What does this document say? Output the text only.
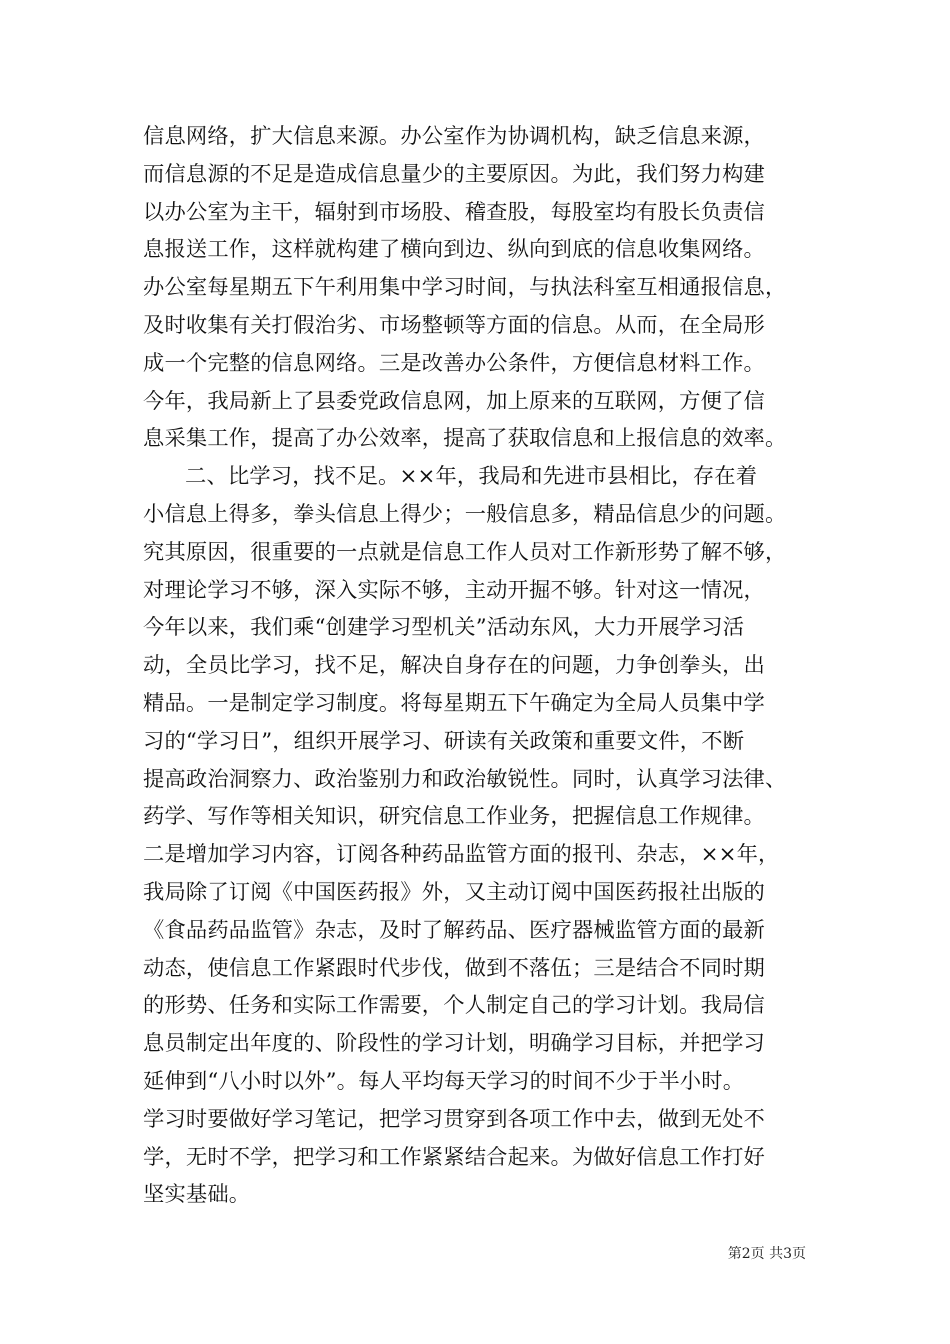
信息网络，扩大信息来源。办公室作为协调机构，缺乏信息来源，
而信息源的不足是造成信息量少的主要原因。为此，我们努力构建
以办公室为主干，辐射到市场股、稽查股，每股室均有股长负责信
息报送工作，这样就构建了横向到边、纵向到底的信息收集网络。
办公室每星期五下午利用集中学习时间，与执法科室互相通报信息，
及时收集有关打假治劣、市场整顿等方面的信息。从而，在全局形
成一个完整的信息网络。三是改善办公条件，方便信息材料工作。
今年，我局新上了县委党政信息网，加上原来的互联网，方便了信
息采集工作，提高了办公效率，提高了获取信息和上报信息的效率。
二、比学习，找不足。××年，我局和先进市县相比，存在着
小信息上得多，拳头信息上得少；一般信息多，精品信息少的问题。
究其原因，很重要的一点就是信息工作人员对工作新形势了解不够，
对理论学习不够，深入实际不够，主动开掘不够。针对这一情况，
今年以来，我们乘“创建学习型机关”活动东风，大力开展学习活
动，全员比学习，找不足，解决自身存在的问题，力争创拳头，出
精品。一是制定学习制度。将每星期五下午确定为全局人员集中学
习的“学习日”，组织开展学习、研读有关政策和重要文件，不断
提高政治洞察力、政治鉴别力和政治敏锐性。同时，认真学习法律、
药学、写作等相关知识，研究信息工作业务，把握信息工作规律。
二是增加学习内容，订阅各种药品监管方面的报刊、杂志，××年，
我局除了订阅《中国医药报》外，又主动订阅中国医药报社出版的
《食品药品监管》杂志，及时了解药品、医疗器械监管方面的最新
动态，使信息工作紧跟时代步伐，做到不落伍；三是结合不同时期
的形势、任务和实际工作需要，个人制定自己的学习计划。我局信
息员制定出年度的、阶段性的学习计划，明确学习目标，并把学习
延伸到“八小时以外”。每人平均每天学习的时间不少于半小时。
学习时要做好学习笔记，把学习贯穿到各项工作中去，做到无处不
学，无时不学，把学习和工作紧紧结合起来。为做好信息工作打好
坚实基础。
第2页 共3页
